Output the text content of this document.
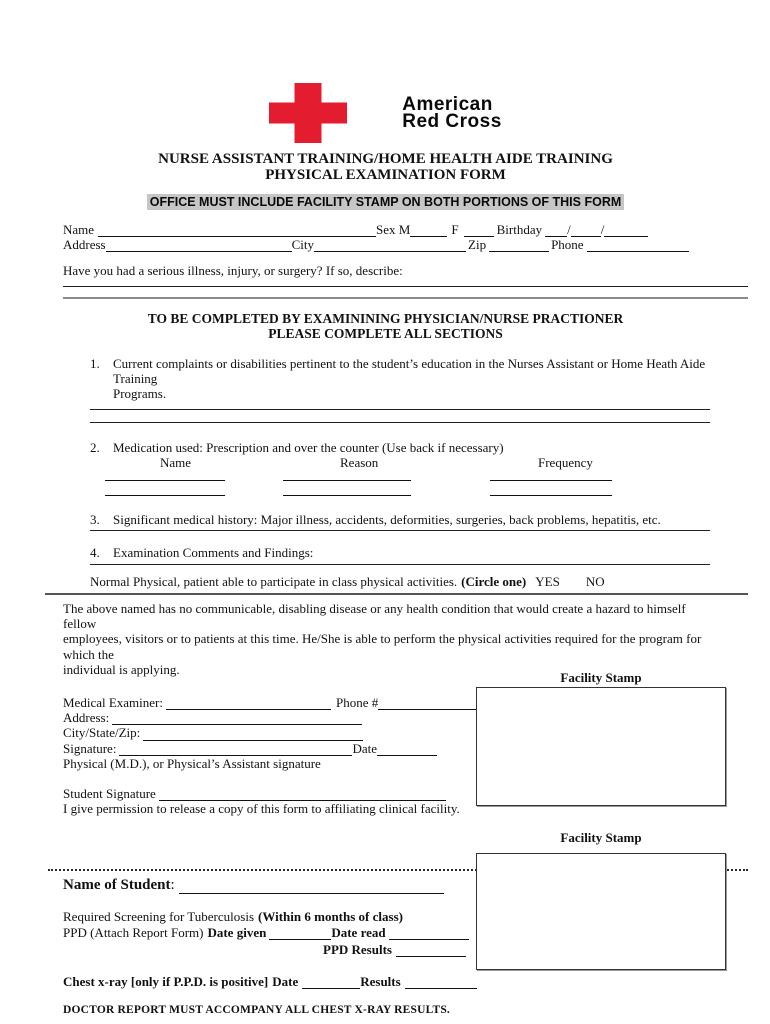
American
Red Cross
NURSE ASSISTANT TRAINING/HOME HEALTH AIDE TRAINING
PHYSICAL EXAMINATION FORM
OFFICE MUST INCLUDE FACILITY STAMP ON BOTH PORTIONS OF THIS FORM
Name	Sex M	F	Birthday / /
Address	City	Zip	Phone
Have you had a serious illness, injury, or surgery? If so, describe:
TO BE COMPLETED BY EXAMININING PHYSICIAN/NURSE PRACTIONER
PLEASE COMPLETE ALL SECTIONS
1.	Current complaints or disabilities pertinent to the student’s education in the Nurses Assistant or Home Heath Aide Training
Programs.
2.	Medication used: Prescription and over the counter (Use back if necessary)
Name	Reason	Frequency
3.	Significant medical history: Major illness, accidents, deformities, surgeries, back problems, hepatitis, etc.
4.	Examination Comments and Findings:
Normal Physical, patient able to participate in class physical activities. (Circle one) YES NO
The above named has no communicable, disabling disease or any health condition that would create a hazard to himself fellow
employees, visitors or to patients at this time. He/She is able to perform the physical activities required for the program for which the
individual is applying.
Medical Examiner:	Phone #
Address:
City/State/Zip:
Signature:	Date
Physical (M.D.), or Physical’s Assistant signature
Student Signature
I give permission to release a copy of this form to affiliating clinical facility.
Facility Stamp
Name of Student :
Required Screening for Tuberculosis (Within 6 months of class)
PPD (Attach Report Form) Date given	Date read
PPD Results
Chest x-ray [only if P.P.D. is positive] Date	Results
DOCTOR REPORT MUST ACCOMPANY ALL CHEST X-RAY RESULTS.
Facility Stamp
